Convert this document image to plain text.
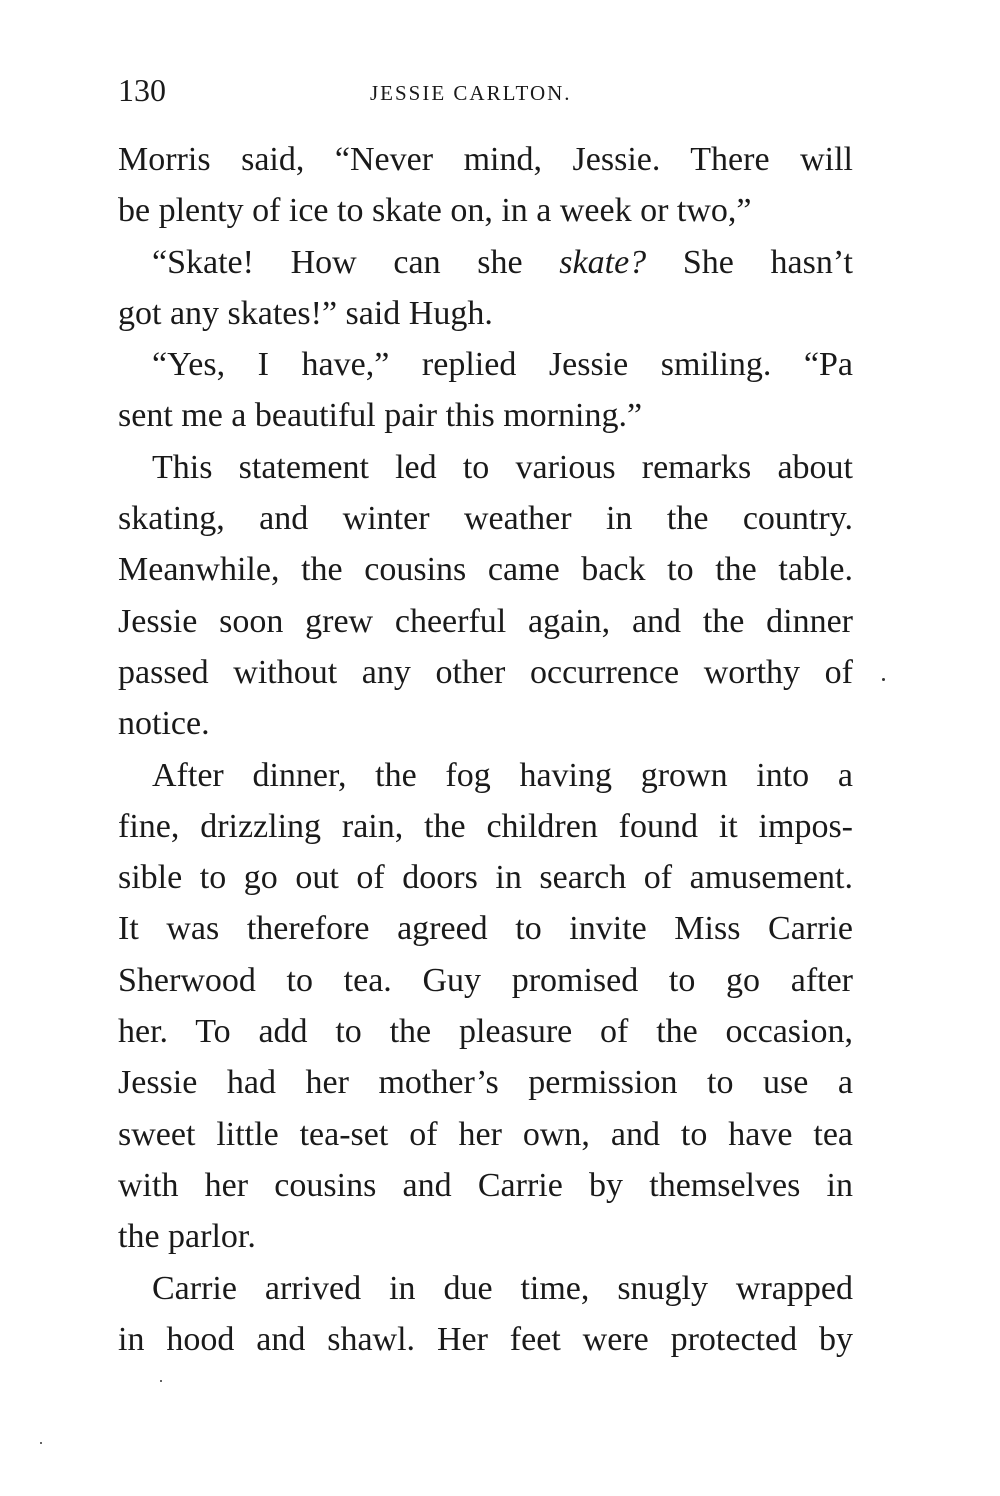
130	JESSIE CARLTON.
Morris said, “Never mind, Jessie. There will
be plenty of ice to skate on, in a week or two,”
“Skate! How can she skate? She hasn’t
got any skates!” said Hugh.
“Yes, I have,” replied Jessie smiling. “Pa
sent me a beautiful pair this morning.”
This statement led to various remarks about
skating, and winter weather in the country.
Meanwhile, the cousins came back to the table.
Jessie soon grew cheerful again, and the dinner
passed without any other occurrence worthy of
notice.
After dinner, the fog having grown into a
fine, drizzling rain, the children found it impos-
sible to go out of doors in search of amusement.
It was therefore agreed to invite Miss Carrie
Sherwood to tea. Guy promised to go after
her. To add to the pleasure of the occasion,
Jessie had her mother’s permission to use a
sweet little tea-set of her own, and to have tea
with her cousins and Carrie by themselves in
the parlor.
Carrie arrived in due time, snugly wrapped
in hood and shawl. Her feet were protected by
